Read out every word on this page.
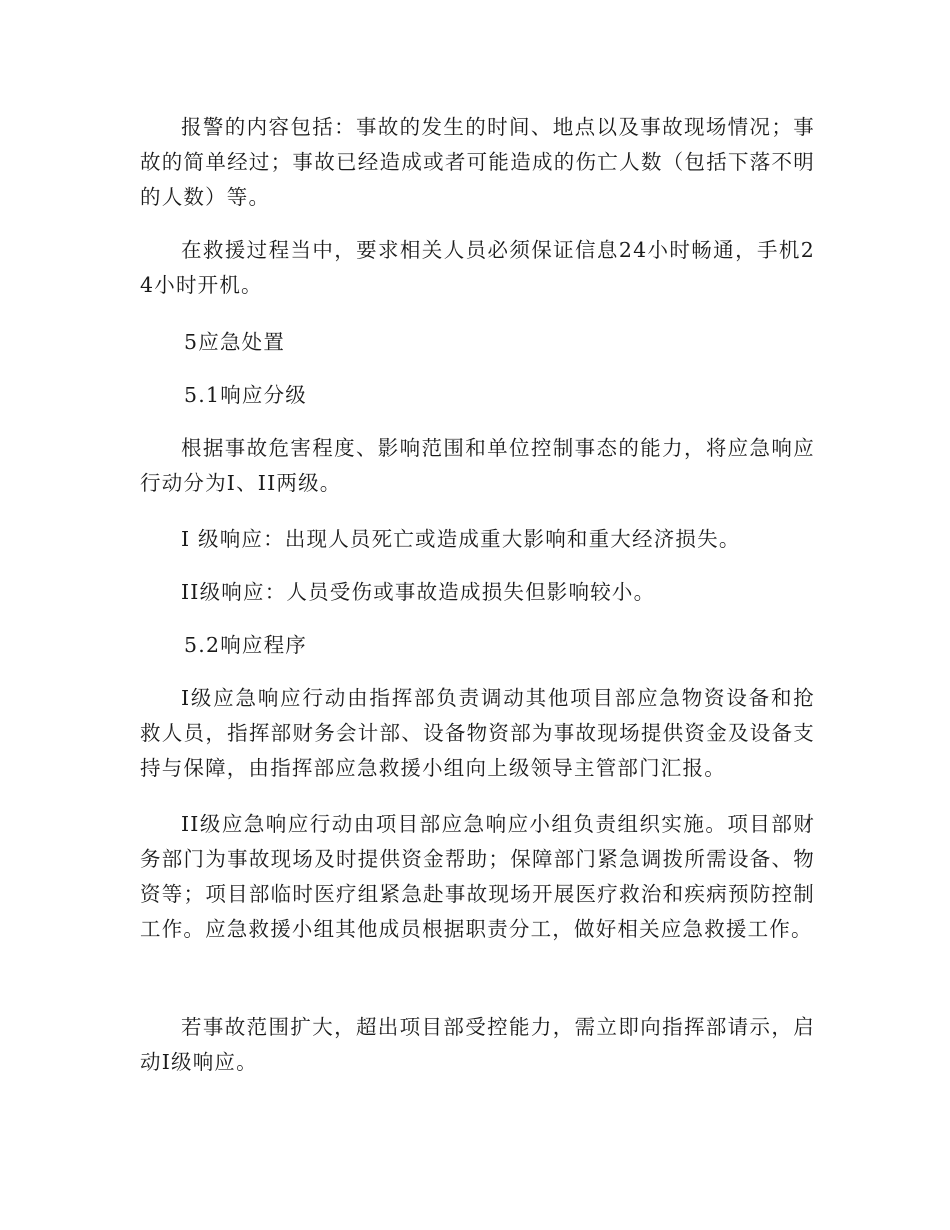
报警的内容包括：事故的发生的时间、地点以及事故现场情况；事故的简单经过；事故已经造成或者可能造成的伤亡人数（包括下落不明的人数）等。

在救援过程当中，要求相关人员必须保证信息24小时畅通，手机24小时开机。

5应急处置

5.1响应分级

根据事故危害程度、影响范围和单位控制事态的能力，将应急响应行动分为I、II两级。

Ⅰ 级响应：出现人员死亡或造成重大影响和重大经济损失。

II级响应：人员受伤或事故造成损失但影响较小。

5.2响应程序

I级应急响应行动由指挥部负责调动其他项目部应急物资设备和抢救人员，指挥部财务会计部、设备物资部为事故现场提供资金及设备支持与保障，由指挥部应急救援小组向上级领导主管部门汇报。

II级应急响应行动由项目部应急响应小组负责组织实施。项目部财务部门为事故现场及时提供资金帮助；保障部门紧急调拨所需设备、物资等；项目部临时医疗组紧急赴事故现场开展医疗救治和疾病预防控制工作。应急救援小组其他成员根据职责分工，做好相关应急救援工作。

若事故范围扩大，超出项目部受控能力，需立即向指挥部请示，启动I级响应。
